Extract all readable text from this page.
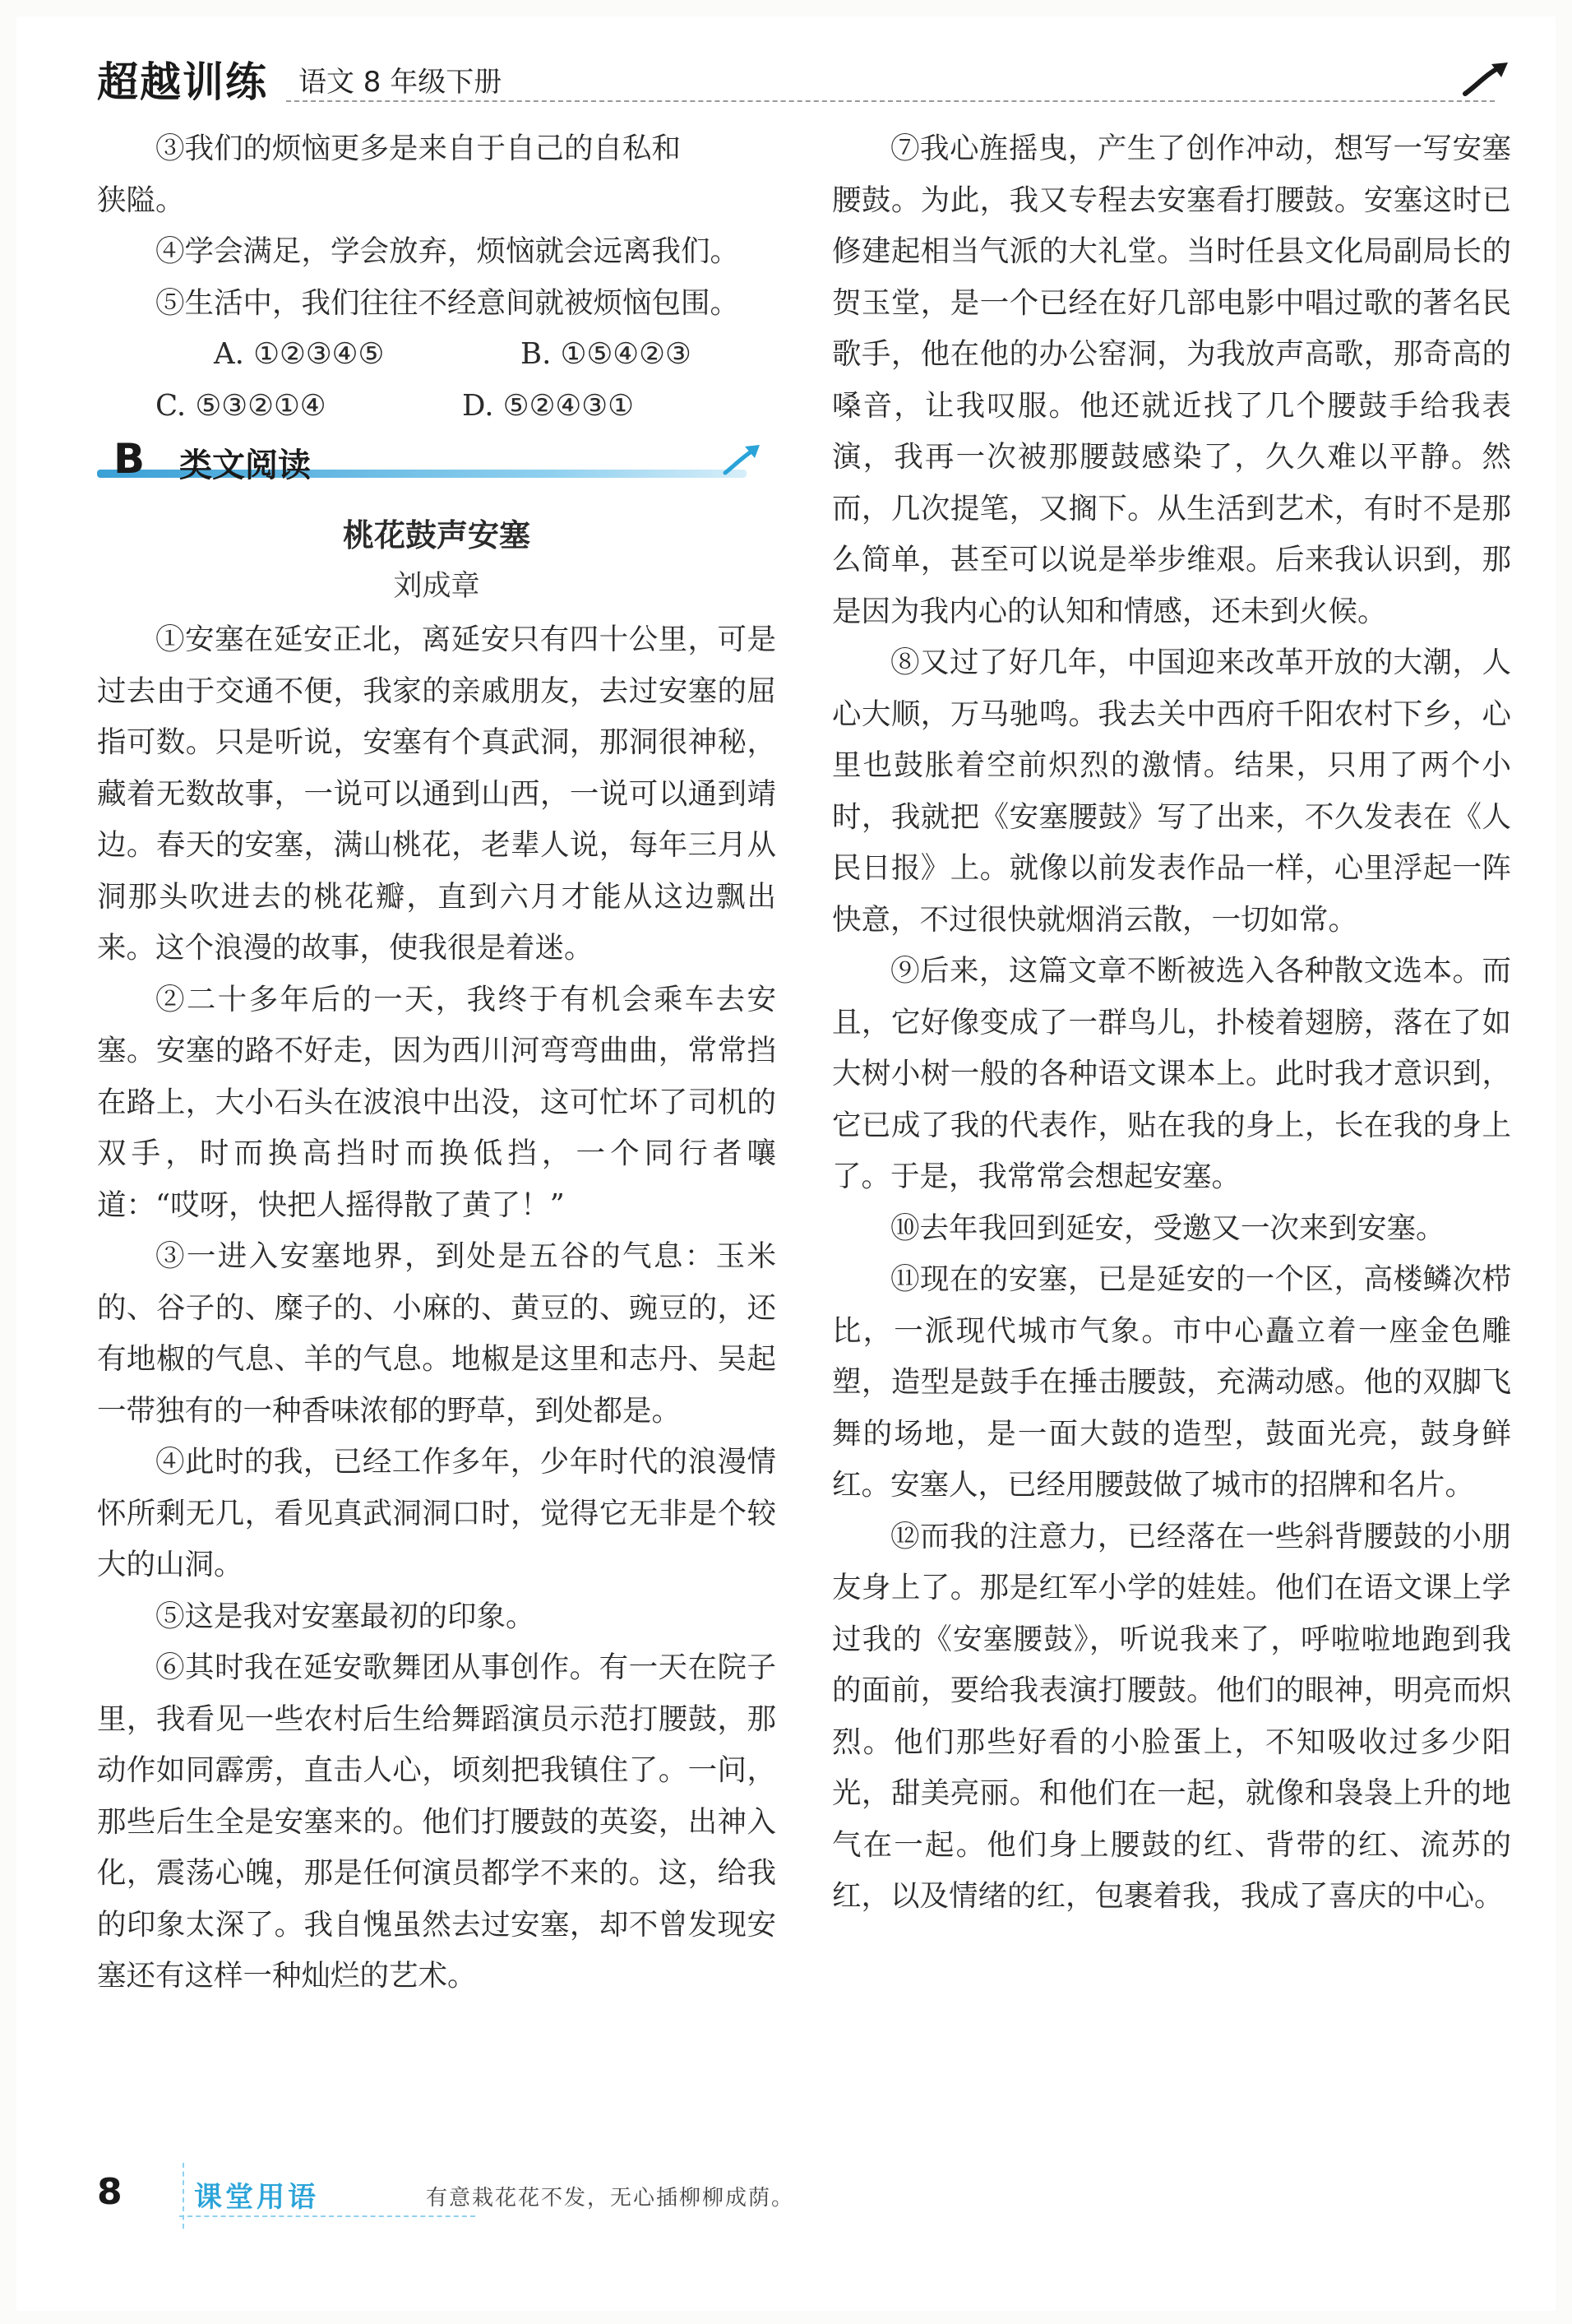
超越训练 语文 8 年级下册

③我们的烦恼更多是来自于自己的自私和

狭隘。

④学会满足，学会放弃，烦恼就会远离我们。

⑤生活中，我们往往不经意间就被烦恼包围。

A. ①②③④⑤	B. ①⑤④②③
C. ⑤③②①④	D. ⑤②④③①
B 类文阅读

桃花鼓声安塞

刘成章

①安塞在延安正北，离延安只有四十公里，可是过去由于交通不便，我家的亲戚朋友，去过安塞的屈指可数。只是听说，安塞有个真武洞，那洞很神秘，藏着无数故事，一说可以通到山西，一说可以通到靖边。春天的安塞，满山桃花，老辈人说，每年三月从洞那头吹进去的桃花瓣，直到六月才能从这边飘出来。这个浪漫的故事，使我很是着迷。

②二十多年后的一天，我终于有机会乘车去安塞。安塞的路不好走，因为西川河弯弯曲曲，常常挡在路上，大小石头在波浪中出没，这可忙坏了司机的双手，时而换高挡时而换低挡，一个同行者嚷道：“哎呀，快把人摇得散了黄了！”

③一进入安塞地界，到处是五谷的气息：玉米的、谷子的、糜子的、小麻的、黄豆的、豌豆的，还有地椒的气息、羊的气息。地椒是这里和志丹、吴起一带独有的一种香味浓郁的野草，到处都是。

④此时的我，已经工作多年，少年时代的浪漫情怀所剩无几，看见真武洞洞口时，觉得它无非是个较大的山洞。

⑤这是我对安塞最初的印象。

⑥其时我在延安歌舞团从事创作。有一天在院子里，我看见一些农村后生给舞蹈演员示范打腰鼓，那动作如同霹雳，直击人心，顷刻把我镇住了。一问，那些后生全是安塞来的。他们打腰鼓的英姿，出神入化，震荡心魄，那是任何演员都学不来的。这，给我的印象太深了。我自愧虽然去过安塞，却不曾发现安塞还有这样一种灿烂的艺术。

⑦我心旌摇曳，产生了创作冲动，想写一写安塞腰鼓。为此，我又专程去安塞看打腰鼓。安塞这时已修建起相当气派的大礼堂。当时任县文化局副局长的贺玉堂，是一个已经在好几部电影中唱过歌的著名民歌手，他在他的办公窑洞，为我放声高歌，那奇高的嗓音，让我叹服。他还就近找了几个腰鼓手给我表演，我再一次被那腰鼓感染了，久久难以平静。然而，几次提笔，又搁下。从生活到艺术，有时不是那么简单，甚至可以说是举步维艰。后来我认识到，那是因为我内心的认知和情感，还未到火候。

⑧又过了好几年，中国迎来改革开放的大潮，人心大顺，万马驰鸣。我去关中西府千阳农村下乡，心里也鼓胀着空前炽烈的激情。结果，只用了两个小时，我就把《安塞腰鼓》写了出来，不久发表在《人民日报》上。就像以前发表作品一样，心里浮起一阵快意，不过很快就烟消云散，一切如常。

⑨后来，这篇文章不断被选入各种散文选本。而且，它好像变成了一群鸟儿，扑棱着翅膀，落在了如大树小树一般的各种语文课本上。此时我才意识到，它已成了我的代表作，贴在我的身上，长在我的身上了。于是，我常常会想起安塞。

⑩去年我回到延安，受邀又一次来到安塞。

⑪现在的安塞，已是延安的一个区，高楼鳞次栉比，一派现代城市气象。市中心矗立着一座金色雕塑，造型是鼓手在捶击腰鼓，充满动感。他的双脚飞舞的场地，是一面大鼓的造型，鼓面光亮，鼓身鲜红。安塞人，已经用腰鼓做了城市的招牌和名片。

⑫而我的注意力，已经落在一些斜背腰鼓的小朋友身上了。那是红军小学的娃娃。他们在语文课上学过我的《安塞腰鼓》，听说我来了，呼啦啦地跑到我的面前，要给我表演打腰鼓。他们的眼神，明亮而炽烈。他们那些好看的小脸蛋上，不知吸收过多少阳光，甜美亮丽。和他们在一起，就像和袅袅上升的地气在一起。他们身上腰鼓的红、背带的红、流苏的红，以及情绪的红，包裹着我，我成了喜庆的中心。

8	课堂用语	有意栽花花不发，无心插柳柳成荫。
